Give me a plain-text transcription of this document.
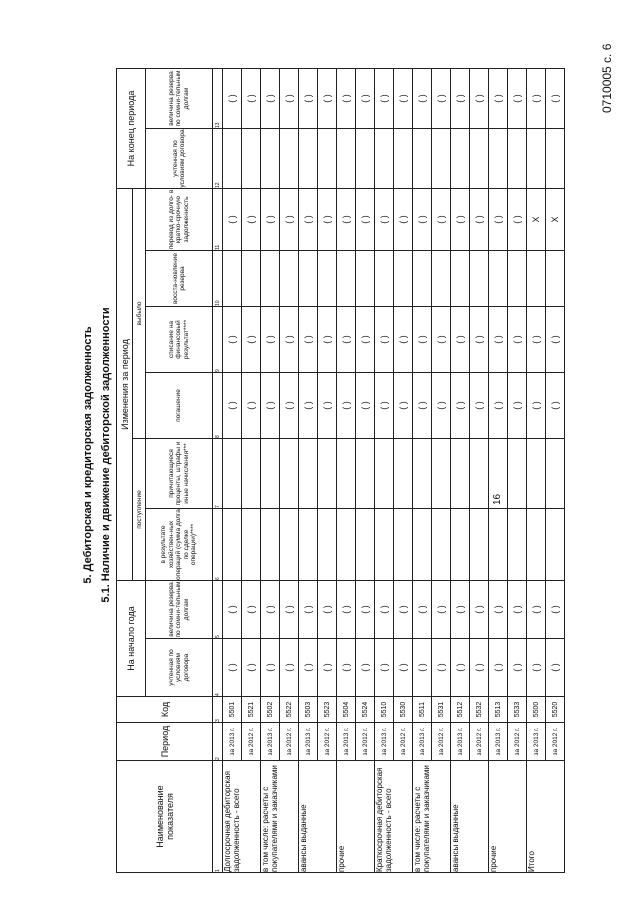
0710005 с. 6
16
5. Дебиторская и кредиторская задолженность 5.1. Наличие и движение дебиторской задолженности
Наименование показателя	Период	Код	На начало года		Изменения за период						На конец периода	
					поступление		выбыло					
			учтенная по условиям договора	величина резерва по сомни-тельным долгам	в результате хозяйствен-ных операций (сумма долга по сделке операции)****	причитающиеся проценты, штрафы и иные начисления***	погашение	списание на финансовый результат****	восста-новление резерва	перевод из долго- в кратко-срочную задолженность	учтенная по условиям договора	величина резерва по сомни-тельным долгам
1	2	3	4	5	6	7	8	9	10	11	12	13
Долгосрочная дебиторская задолженность - всего	за 2013 г.	5501	( )	( )			( )	( )		( )		( )
	за 2012 г.	5521	( )	( )			( )	( )		( )		( )
в том числе: расчеты с покупателями и заказчиками	за 2013 г.	5502	( )	( )			( )	( )		( )		( )
	за 2012 г.	5522	( )	( )			( )	( )		( )		( )
авансы выданные	за 2013 г.	5503	( )	( )			( )	( )		( )		( )
	за 2012 г.	5523	( )	( )			( )	( )		( )		( )
прочие	за 2013 г.	5504	( )	( )			( )	( )		( )		( )
	за 2012 г.	5524	( )	( )			( )	( )		( )		( )
Краткосрочная дебиторская задолженность - всего	за 2013 г.	5510	( )	( )			( )	( )		( )		( )
	за 2012 г.	5530	( )	( )			( )	( )		( )		( )
в том числе: расчеты с покупателями и заказчиками	за 2013 г.	5511	( )	( )			( )	( )		( )		( )
	за 2012 г.	5531	( )	( )			( )	( )		( )		( )
авансы выданные	за 2013 г.	5512	( )	( )			( )	( )		( )		( )
	за 2012 г.	5532	( )	( )			( )	( )		( )		( )
прочие	за 2013 г.	5513	( )	( )			( )	( )		( )		( )
	за 2012 г.	5533	( )	( )			( )	( )		( )		( )
Итого	за 2013 г.	5500	( )	( )			( )	( )		X		( )
	за 2012 г.	5520	( )	( )			( )	( )		X		( )
